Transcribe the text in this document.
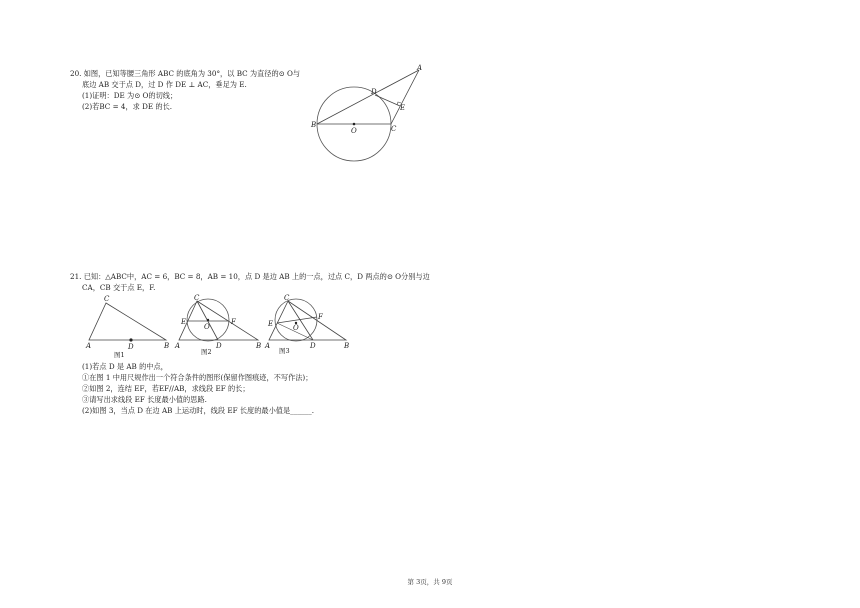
20. 如图，已知等腰三角形 ABC 的底角为 30°，以 BC 为直径的⊙ O与
底边 AB 交于点 D，过 D 作 DE ⊥ AC，垂足为 E.
(1)证明：DE 为⊙ O的切线；
(2)若BC = 4，求 DE 的长.
A
B	C
D
E
O
21. 已知：△ABC中，AC = 6，BC = 8，AB = 10，点 D 是边 AB 上的一点，过点 C，D 两点的⊙ O分别与边
CA，CB 交于点 E，F.
C
A	D	B
图1
C
E	F
O
A	D	B
图2
C
E
F
O
A	D	B
图3
(1)若点 D 是 AB 的中点，
①在图 1 中用尺规作出一个符合条件的图形(保留作图痕迹，不写作法)；
②如图 2，连结 EF，若EF//AB，求线段 EF 的长；
③请写出求线段 EF 长度最小值的思路.
(2)如图 3，当点 D 在边 AB 上运动时，线段 EF 长度的最小值是______.
第 3页，共 9页
